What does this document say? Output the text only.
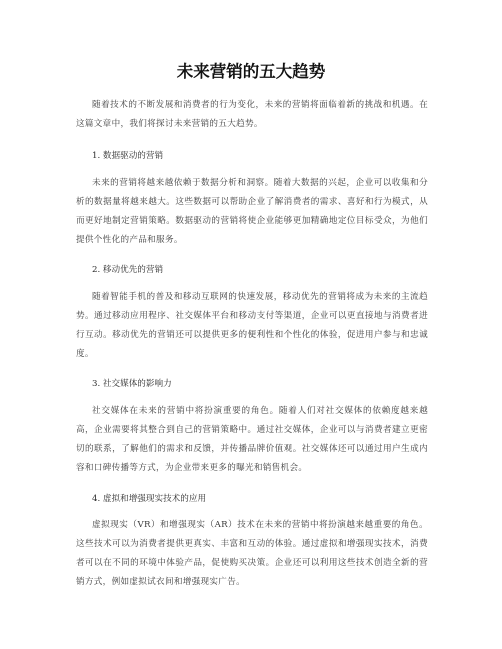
未来营销的五大趋势

随着技术的不断发展和消费者的行为变化，未来的营销将面临着新的挑战和机遇。在这篇文章中，我们将探讨未来营销的五大趋势。

1. 数据驱动的营销

未来的营销将越来越依赖于数据分析和洞察。随着大数据的兴起，企业可以收集和分析的数据量将越来越大。这些数据可以帮助企业了解消费者的需求、喜好和行为模式，从而更好地制定营销策略。数据驱动的营销将使企业能够更加精确地定位目标受众，为他们提供个性化的产品和服务。

2. 移动优先的营销

随着智能手机的普及和移动互联网的快速发展，移动优先的营销将成为未来的主流趋势。通过移动应用程序、社交媒体平台和移动支付等渠道，企业可以更直接地与消费者进行互动。移动优先的营销还可以提供更多的便利性和个性化的体验，促进用户参与和忠诚度。

3. 社交媒体的影响力

社交媒体在未来的营销中将扮演重要的角色。随着人们对社交媒体的依赖度越来越高，企业需要将其整合到自己的营销策略中。通过社交媒体，企业可以与消费者建立更密切的联系，了解他们的需求和反馈，并传播品牌价值观。社交媒体还可以通过用户生成内容和口碑传播等方式，为企业带来更多的曝光和销售机会。

4. 虚拟和增强现实技术的应用

虚拟现实（VR）和增强现实（AR）技术在未来的营销中将扮演越来越重要的角色。这些技术可以为消费者提供更真实、丰富和互动的体验。通过虚拟和增强现实技术，消费者可以在不同的环境中体验产品，促使购买决策。企业还可以利用这些技术创造全新的营销方式，例如虚拟试衣间和增强现实广告。
